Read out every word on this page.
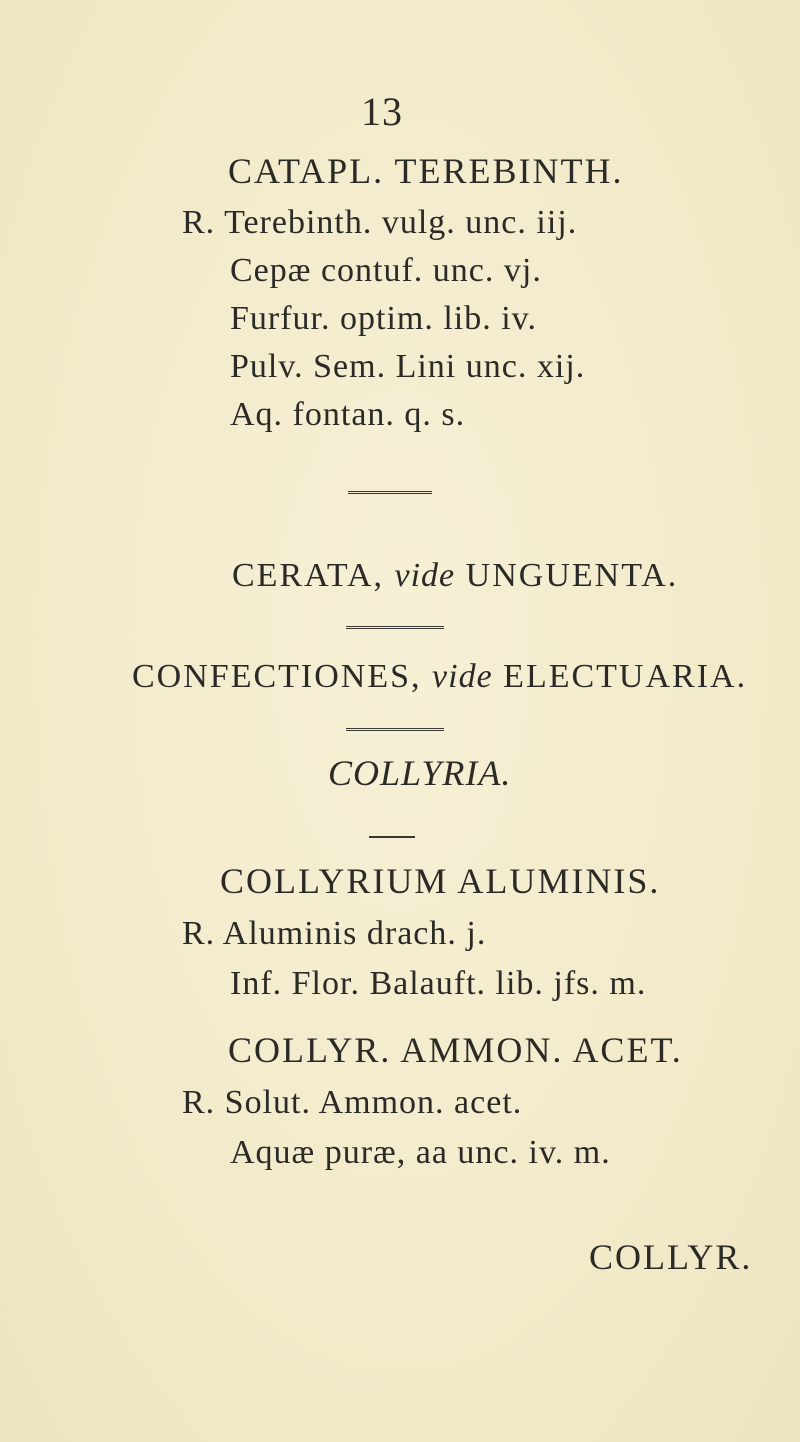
13
CATAPL. TEREBINTH.
R. Terebinth. vulg. unc. iij.
Cepæ contuf. unc. vj.
Furfur. optim. lib. iv.
Pulv. Sem. Lini unc. xij.
Aq. fontan. q. s.
CERATA, vide UNGUENTA.
CONFECTIONES, vide ELECTUARIA.
COLLYRIA.
COLLYRIUM ALUMINIS.
R. Aluminis drach. j.
Inf. Flor. Balauft. lib. jfs. m.
COLLYR. AMMON. ACET.
R. Solut. Ammon. acet.
Aquæ puræ, aa unc. iv. m.
COLLYR.
